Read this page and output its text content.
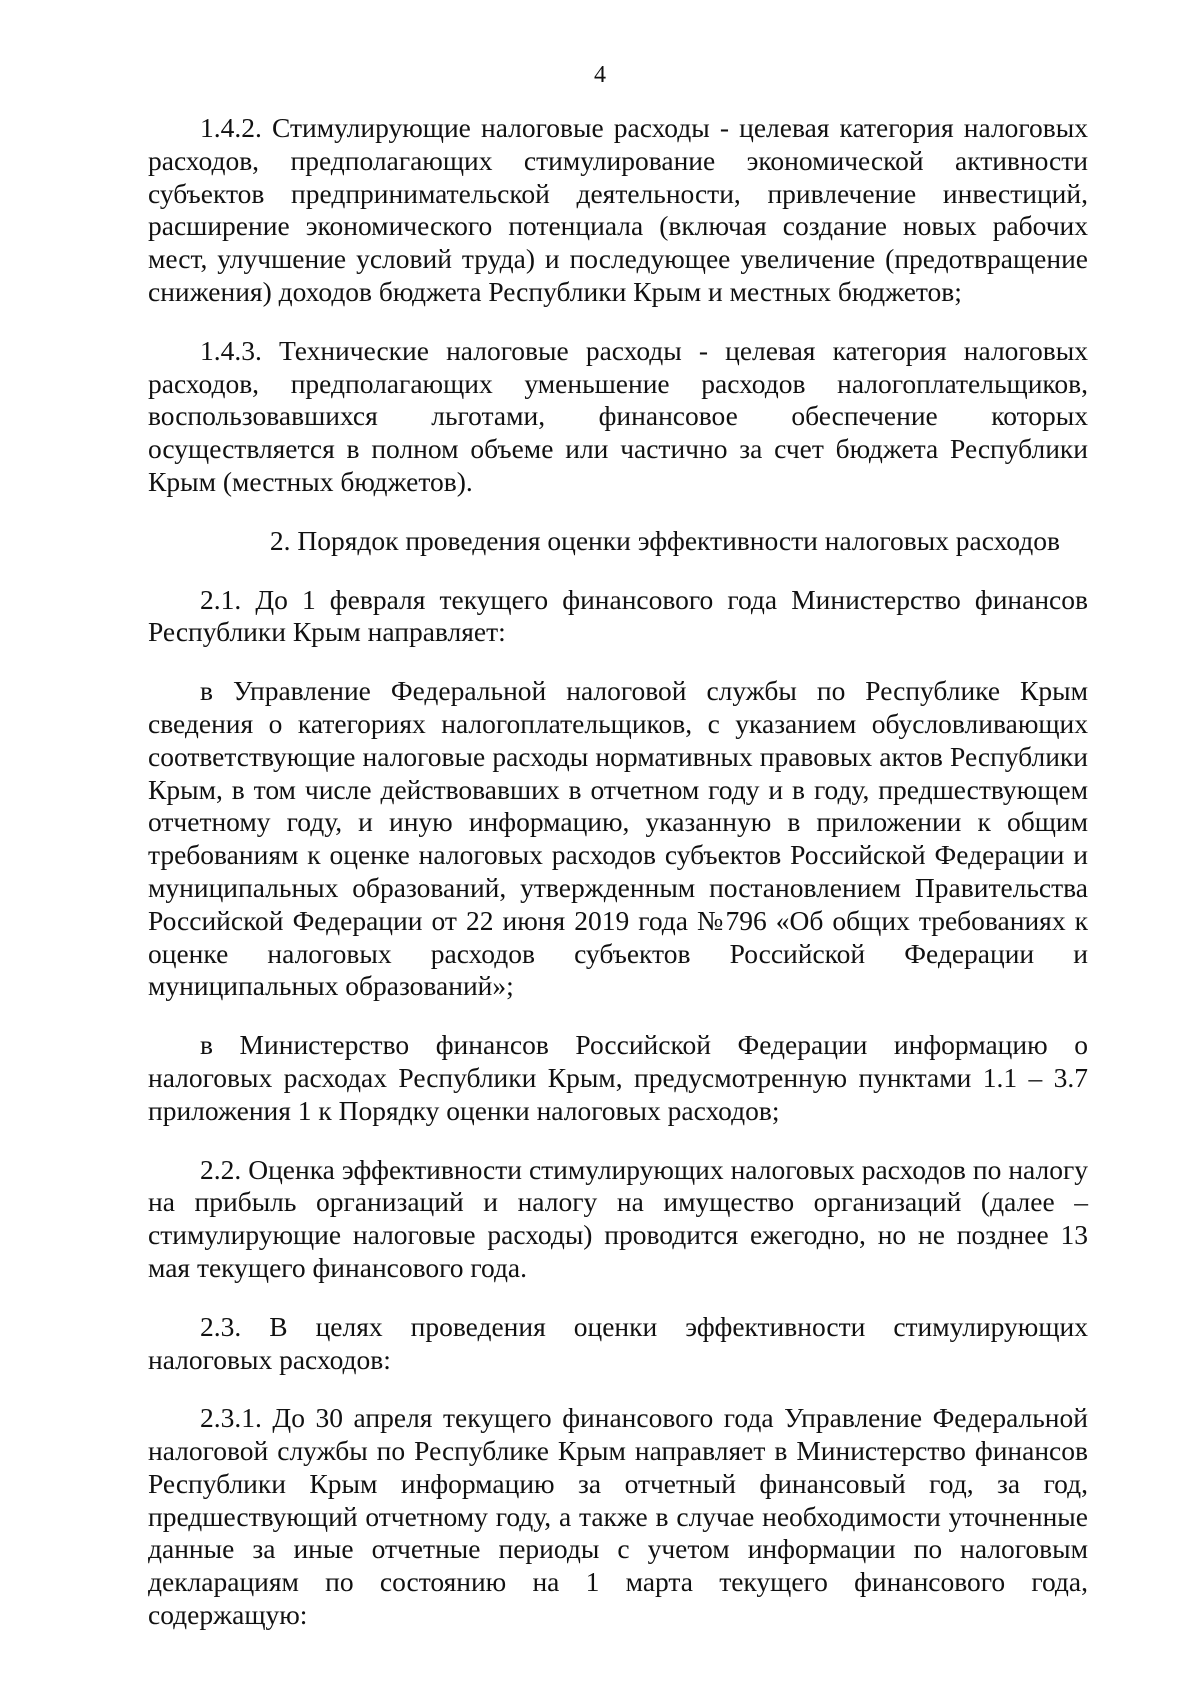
4

1.4.2. Стимулирующие налоговые расходы - целевая категория налоговых расходов, предполагающих стимулирование экономической активности субъектов предпринимательской деятельности, привлечение инвестиций, расширение экономического потенциала (включая создание новых рабочих мест, улучшение условий труда) и последующее увеличение (предотвращение снижения) доходов бюджета Республики Крым и местных бюджетов;

1.4.3. Технические налоговые расходы - целевая категория налоговых расходов, предполагающих уменьшение расходов налогоплательщиков, воспользовавшихся льготами, финансовое обеспечение которых осуществляется в полном объеме или частично за счет бюджета Республики Крым (местных бюджетов).

2. Порядок проведения оценки эффективности налоговых расходов

2.1. До 1 февраля текущего финансового года Министерство финансов Республики Крым направляет:

в Управление Федеральной налоговой службы по Республике Крым сведения о категориях налогоплательщиков, с указанием обусловливающих соответствующие налоговые расходы нормативных правовых актов Республики Крым, в том числе действовавших в отчетном году и в году, предшествующем отчетному году, и иную информацию, указанную в приложении к общим требованиям к оценке налоговых расходов субъектов Российской Федерации и муниципальных образований, утвержденным постановлением Правительства Российской Федерации от 22 июня 2019 года №796 «Об общих требованиях к оценке налоговых расходов субъектов Российской Федерации и муниципальных образований»;

в Министерство финансов Российской Федерации информацию о налоговых расходах Республики Крым, предусмотренную пунктами 1.1 – 3.7 приложения 1 к Порядку оценки налоговых расходов;

2.2. Оценка эффективности стимулирующих налоговых расходов по налогу на прибыль организаций и налогу на имущество организаций (далее – стимулирующие налоговые расходы) проводится ежегодно, но не позднее 13 мая текущего финансового года.

2.3. В целях проведения оценки эффективности стимулирующих налоговых расходов:

2.3.1. До 30 апреля текущего финансового года Управление Федеральной налоговой службы по Республике Крым направляет в Министерство финансов Республики Крым информацию за отчетный финансовый год, за год, предшествующий отчетному году, а также в случае необходимости уточненные данные за иные отчетные периоды с учетом информации по налоговым декларациям по состоянию на 1 марта текущего финансового года, содержащую:
